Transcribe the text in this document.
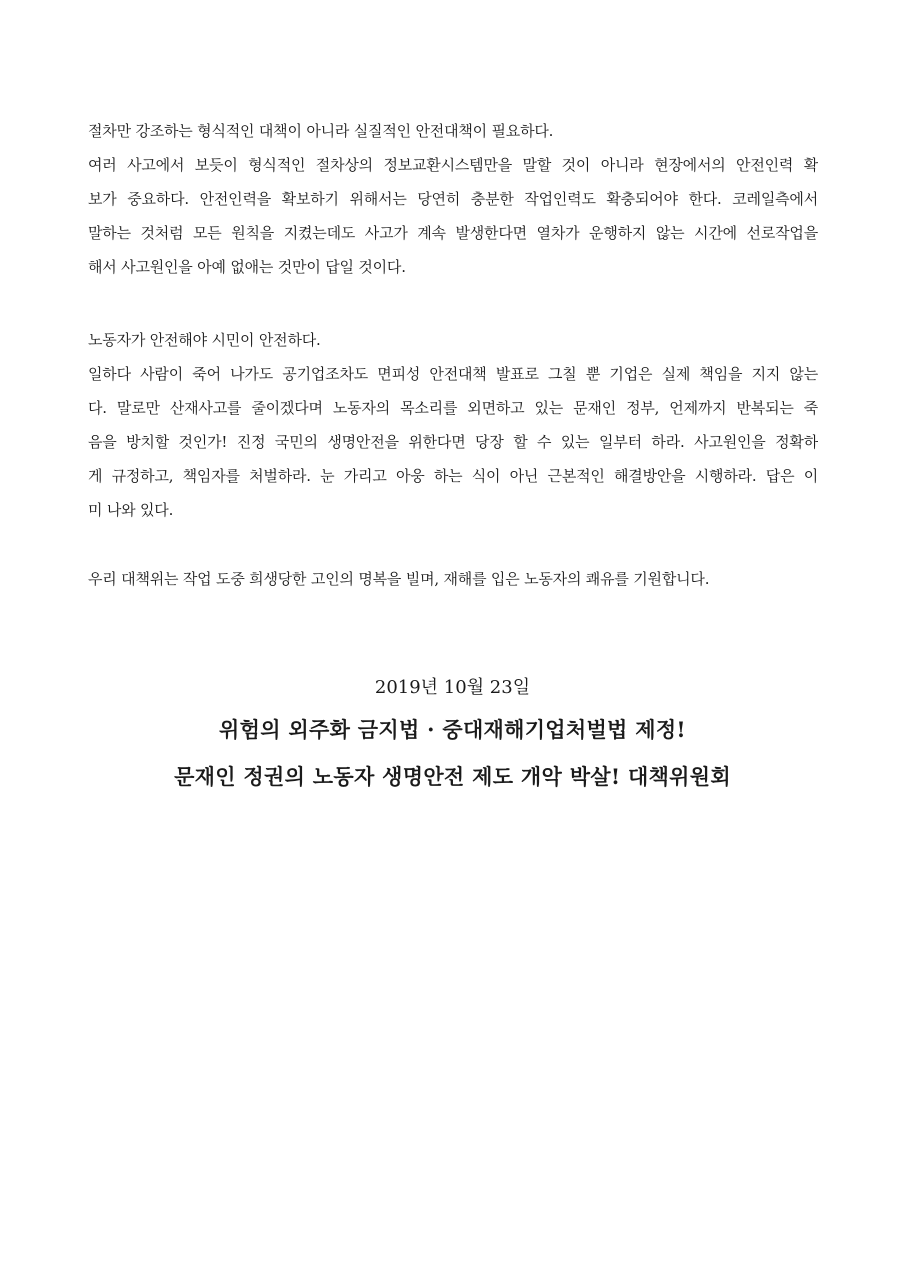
절차만 강조하는 형식적인 대책이 아니라 실질적인 안전대책이 필요하다.
여러 사고에서 보듯이 형식적인 절차상의 정보교환시스템만을 말할 것이 아니라 현장에서의 안전인력 확
보가 중요하다. 안전인력을 확보하기 위해서는 당연히 충분한 작업인력도 확충되어야 한다. 코레일측에서
말하는 것처럼 모든 원칙을 지켰는데도 사고가 계속 발생한다면 열차가 운행하지 않는 시간에 선로작업을
해서 사고원인을 아예 없애는 것만이 답일 것이다.
노동자가 안전해야 시민이 안전하다.
일하다 사람이 죽어 나가도 공기업조차도 면피성 안전대책 발표로 그칠 뿐 기업은 실제 책임을 지지 않는
다. 말로만 산재사고를 줄이겠다며 노동자의 목소리를 외면하고 있는 문재인 정부, 언제까지 반복되는 죽
음을 방치할 것인가! 진정 국민의 생명안전을 위한다면 당장 할 수 있는 일부터 하라. 사고원인을 정확하
게 규정하고, 책임자를 처벌하라. 눈 가리고 아웅 하는 식이 아닌 근본적인 해결방안을 시행하라. 답은 이
미 나와 있다.
우리 대책위는 작업 도중 희생당한 고인의 명복을 빌며, 재해를 입은 노동자의 쾌유를 기원합니다.
2019년 10월 23일
위험의 외주화 금지법 · 중대재해기업처벌법 제정!
문재인 정권의 노동자 생명안전 제도 개악 박살! 대책위원회
